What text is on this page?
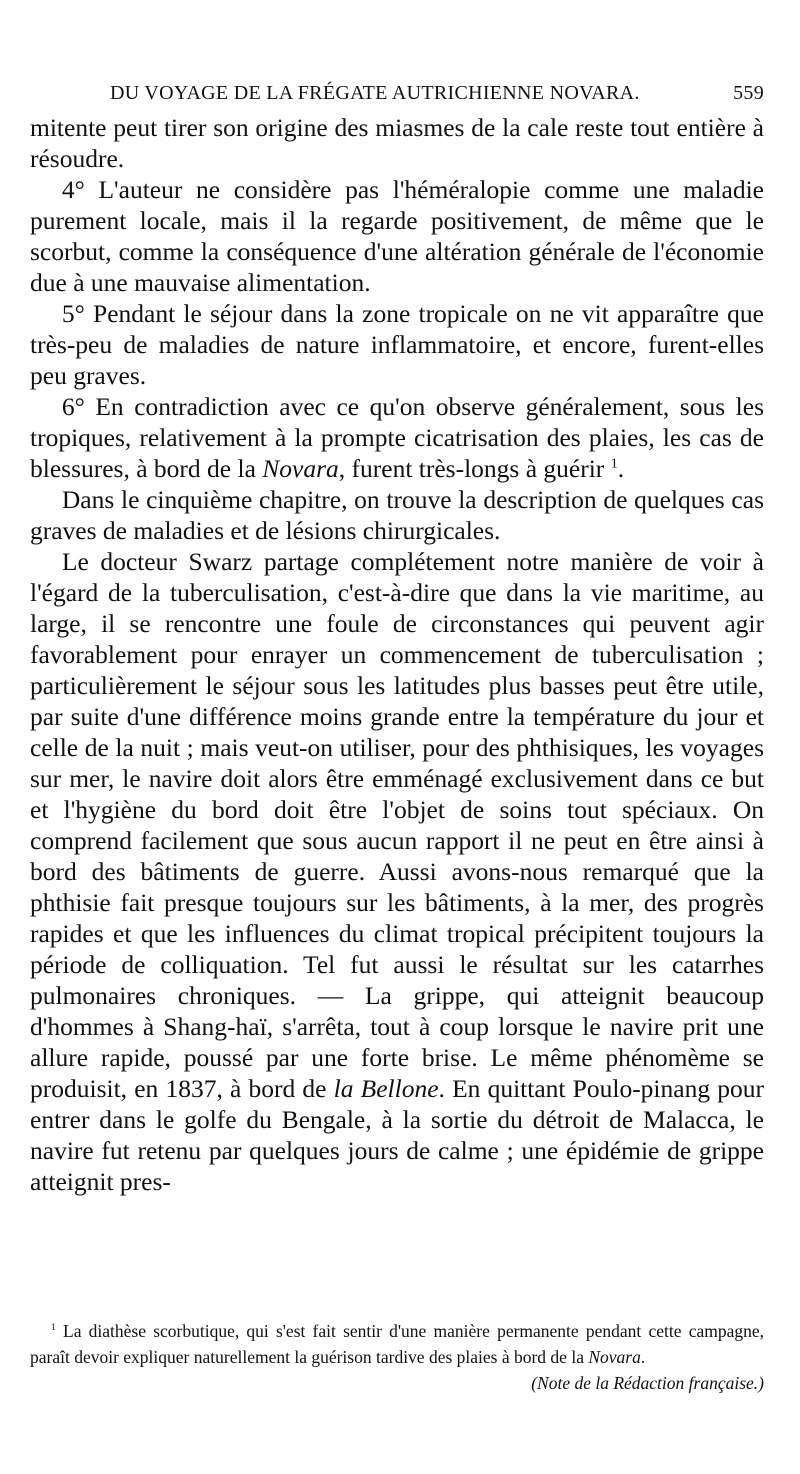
DU VOYAGE DE LA FRÉGATE AUTRICHIENNE NOVARA.	559

mitente peut tirer son origine des miasmes de la cale reste tout entière à résoudre.

4° L'auteur ne considère pas l'héméralopie comme une maladie purement locale, mais il la regarde positivement, de même que le scorbut, comme la conséquence d'une altération générale de l'économie due à une mauvaise alimentation.

5° Pendant le séjour dans la zone tropicale on ne vit apparaître que très-peu de maladies de nature inflammatoire, et encore, furent-elles peu graves.

6° En contradiction avec ce qu'on observe généralement, sous les tropiques, relativement à la prompte cicatrisation des plaies, les cas de blessures, à bord de la Novara, furent très-longs à guérir $^1$.

Dans le cinquième chapitre, on trouve la description de quelques cas graves de maladies et de lésions chirurgicales.

Le docteur Swarz partage complétement notre manière de voir à l'égard de la tuberculisation, c'est-à-dire que dans la vie maritime, au large, il se rencontre une foule de circonstances qui peuvent agir favorablement pour enrayer un commencement de tuberculisation ; particulièrement le séjour sous les latitudes plus basses peut être utile, par suite d'une différence moins grande entre la température du jour et celle de la nuit ; mais veut-on utiliser, pour des phthisiques, les voyages sur mer, le navire doit alors être emménagé exclusivement dans ce but et l'hygiène du bord doit être l'objet de soins tout spéciaux. On comprend facilement que sous aucun rapport il ne peut en être ainsi à bord des bâtiments de guerre. Aussi avons-nous remarqué que la phthisie fait presque toujours sur les bâtiments, à la mer, des progrès rapides et que les influences du climat tropical précipitent toujours la période de colliquation. Tel fut aussi le résultat sur les catarrhes pulmonaires chroniques. — La grippe, qui atteignit beaucoup d'hommes à Shang-haï, s'arrêta, tout à coup lorsque le navire prit une allure rapide, poussé par une forte brise. Le même phénomème se produisit, en 1837, à bord de la Bellone. En quittant Poulo-pinang pour entrer dans le golfe du Bengale, à la sortie du détroit de Malacca, le navire fut retenu par quelques jours de calme ; une épidémie de grippe atteignit pres-

$^1$ La diathèse scorbutique, qui s'est fait sentir d'une manière permanente pendant cette campagne, paraît devoir expliquer naturellement la guérison tardive des plaies à bord de la Novara.
(Note de la Rédaction française.)
